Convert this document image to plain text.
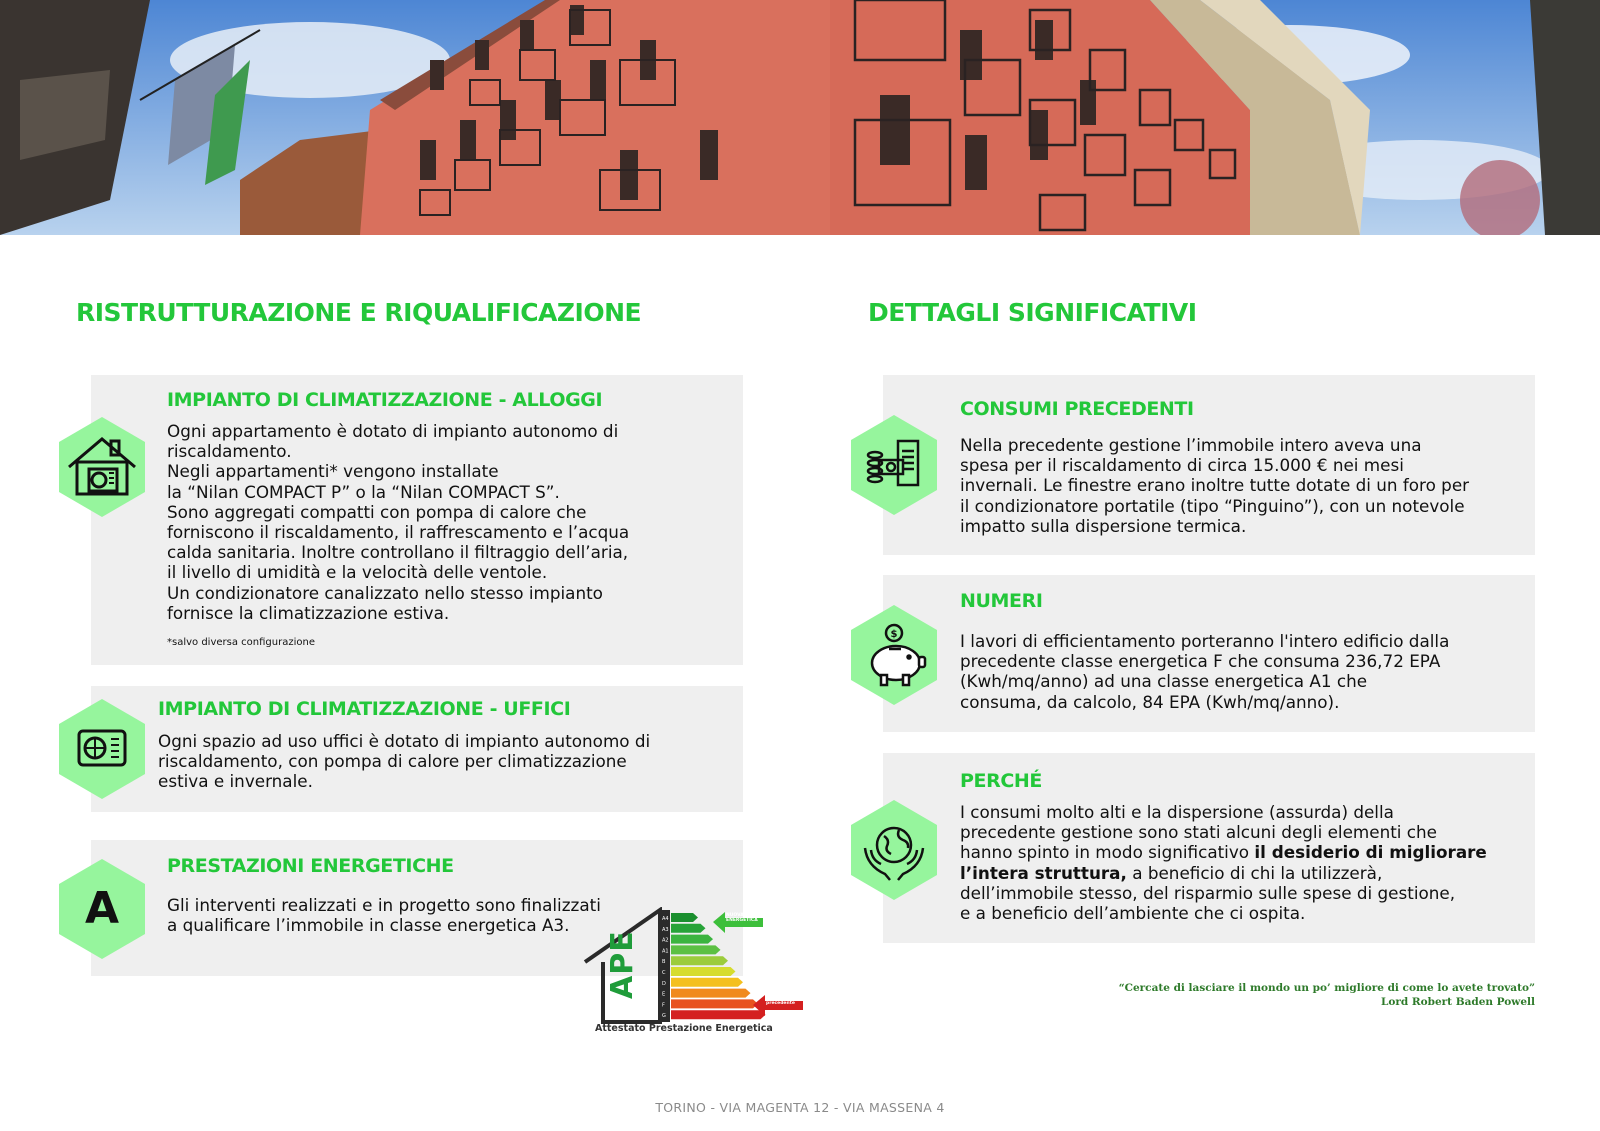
RISTRUTTURAZIONE E RIQUALIFICAZIONE	DETTAGLI SIGNIFICATIVI
IMPIANTO DI CLIMATIZZAZIONE - ALLOGGI

Ogni appartamento è dotato di impianto autonomo di

riscaldamento.

Negli appartamenti* vengono installate

la “Nilan COMPACT P” o la “Nilan COMPACT S”.

Sono aggregati compatti con pompa di calore che

forniscono il riscaldamento, il raffrescamento e l’acqua

calda sanitaria. Inoltre controllano il filtraggio dell’aria,

il livello di umidità e la velocità delle ventole.

Un condizionatore canalizzato nello stesso impianto

fornisce la climatizzazione estiva.

*salvo diversa configurazione
IMPIANTO DI CLIMATIZZAZIONE - UFFICI

Ogni spazio ad uso uffici è dotato di impianto autonomo di

riscaldamento, con pompa di calore per climatizzazione

estiva e invernale.

A
PRESTAZIONI ENERGETICHE

Gli interventi realizzati e in progetto sono finalizzati

a qualificare l’immobile in classe energetica A3.	A4
A3
A2
A1
B
C
D
E
F
G
APE
NUOVA CLASSE
ENERGETICA
Classe energetica
precedente
Attestato Prestazione Energetica
CONSUMI PRECEDENTI

Nella precedente gestione l’immobile intero aveva una

spesa per il riscaldamento di circa 15.000 € nei mesi

invernali. Le finestre erano inoltre tutte dotate di un foro per

il condizionatore portatile (tipo “Pinguino”), con un notevole

impatto sulla dispersione termica.

$
NUMERI

I lavori di efficientamento porteranno l'intero edificio dalla

precedente classe energetica F che consuma 236,72 EPA

(Kwh/mq/anno) ad una classe energetica A1 che

consuma, da calcolo, 84 EPA (Kwh/mq/anno).

PERCHÉ

I consumi molto alti e la dispersione (assurda) della

precedente gestione sono stati alcuni degli elementi che

hanno spinto in modo significativo il desiderio di migliorare

l’intera struttura, a beneficio di chi la utilizzerà,

dell’immobile stesso, del risparmio sulle spese di gestione,

e a beneficio dell’ambiente che ci ospita.

“Cercate di lasciare il mondo un po’ migliore di come lo avete trovato”
Lord Robert Baden Powell
TORINO - VIA MAGENTA 12 - VIA MASSENA 4
